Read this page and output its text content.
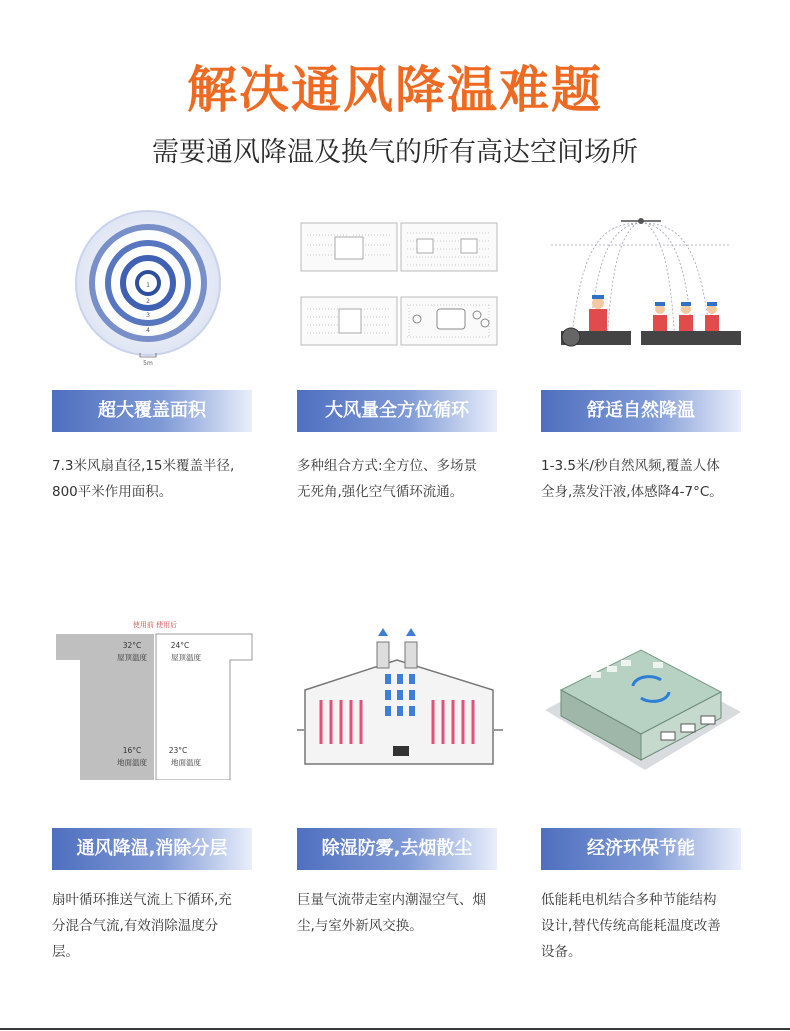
解决通风降温难题
需要通风降温及换气的所有高达空间场所
1
2
3
4
5m
超大覆盖面积
7.3米风扇直径,15米覆盖半径,
800平米作用面积。
大风量全方位循环
多种组合方式:全方位、多场景
无死角,强化空气循环流通。
舒适自然降温
1-3.5米/秒自然风频,覆盖人体
全身,蒸发汗液,体感降4-7°C。
使用前 使用后
32°C
屋顶温度
16°C
地面温度
24°C
屋顶温度
23°C
地面温度
通风降温,消除分层
扇叶循环推送气流上下循环,充
分混合气流,有效消除温度分
层。
除湿防雾,去烟散尘
巨量气流带走室内潮湿空气、烟
尘,与室外新风交换。
经济环保节能
低能耗电机结合多种节能结构
设计,替代传统高能耗温度改善
设备。
